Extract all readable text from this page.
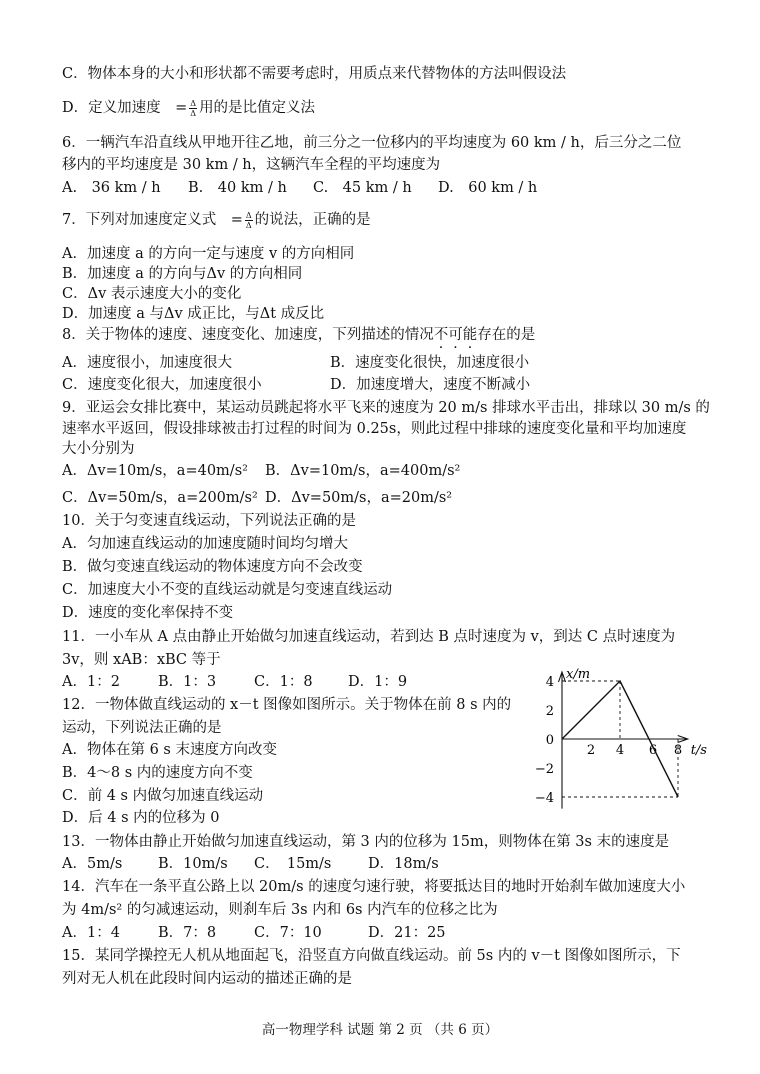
C．物体本身的大小和形状都不需要考虑时，用质点来代替物体的方法叫假设法
D．定义加速度　= $\frac{\Delta}{\Delta}$ 用的是比值定义法
6．一辆汽车沿直线从甲地开往乙地，前三分之一位移内的平均速度为 60 km / h，后三分之二位
移内的平均速度是 30 km / h，这辆汽车全程的平均速度为
A.　36 km / h B.　40 km / h C.　45 km / h D.　60 km / h
7．下列对加速度定义式　= $\frac{\Delta}{\Delta}$ 的说法，正确的是
A．加速度 a 的方向一定与速度 v 的方向相同
B．加速度 a 的方向与Δv 的方向相同
C．Δv 表示速度大小的变化
D．加速度 a 与Δv 成正比，与Δt 成反比
8．关于物体的速度、速度变化、加速度，下列描述的情况不可能存在的是
A．速度很小，加速度很大	B．速度变化很快，加速度很小
C．速度变化很大，加速度很小	D．加速度增大，速度不断减小
9．亚运会女排比赛中，某运动员跳起将水平飞来的速度为 20 m/s 排球水平击出，排球以 30 m/s 的
速率水平返回，假设排球被击打过程的时间为 0.25s，则此过程中排球的速度变化量和平均加速度
大小分别为
A．Δv=10m/s，a=40m/s² B．Δv=10m/s，a=400m/s²
C．Δv=50m/s，a=200m/s² D．Δv=50m/s，a=20m/s²
10．关于匀变速直线运动，下列说法正确的是
A．匀加速直线运动的加速度随时间均匀增大
B．做匀变速直线运动的物体速度方向不会改变
C．加速度大小不变的直线运动就是匀变速直线运动
D．速度的变化率保持不变
11．一小车从 A 点由静止开始做匀加速直线运动，若到达 B 点时速度为 v，到达 C 点时速度为
3v，则 xAB：xBC 等于
A．1：2	B．1：3	C．1：8 D．1：9
12．一物体做直线运动的 x－t 图像如图所示。关于物体在前 8 s 内的
运动，下列说法正确的是
A．物体在第 6 s 末速度方向改变
B．4～8 s 内的速度方向不变
C．前 4 s 内做匀加速直线运动
D．后 4 s 内的位移为 0
2 4 6 8
4
2
0
−2
−4
x/m
t/s
13．一物体由静止开始做匀加速直线运动，第 3 内的位移为 15m，则物体在第 3s 末的速度是
A．5m/s B．10m/s C．　15m/s	D．18m/s
14．汽车在一条平直公路上以 20m/s 的速度匀速行驶，将要抵达目的地时开始刹车做加速度大小
为 4m/s² 的匀减速运动，则刹车后 3s 内和 6s 内汽车的位移之比为
A．1：4	B．7：8	C．7：10	D．21：25
15．某同学操控无人机从地面起飞，沿竖直方向做直线运动。前 5s 内的 v－t 图像如图所示，下
列对无人机在此段时间内运动的描述正确的是
高一物理学科 试题 第 2 页 （共 6 页）
